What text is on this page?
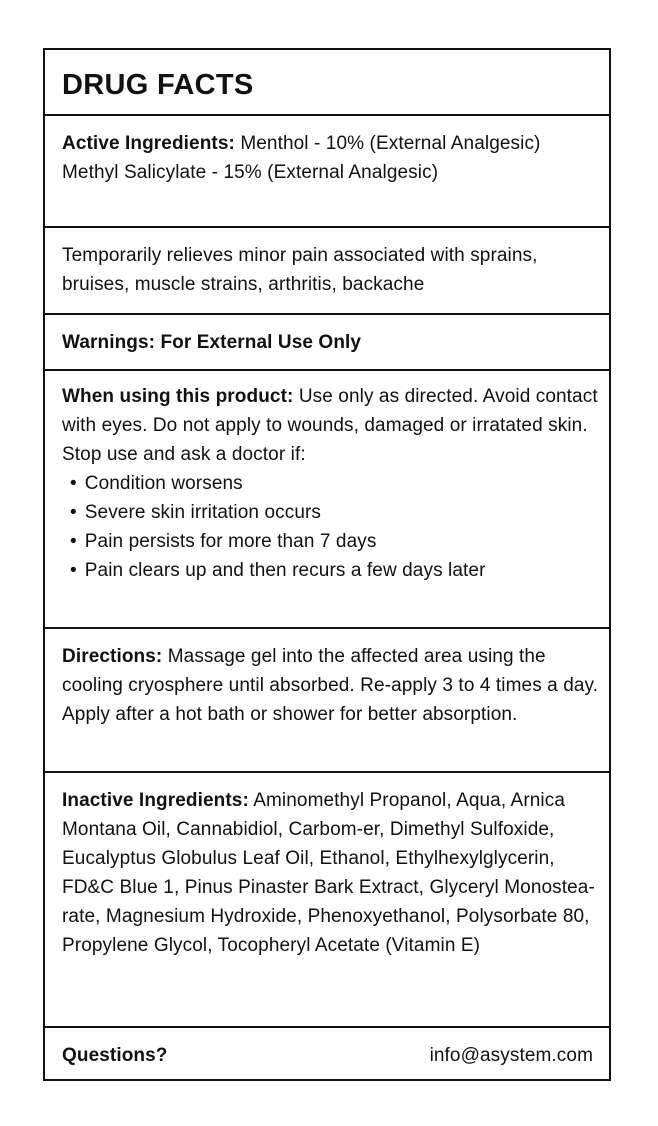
DRUG FACTS
Active Ingredients: Menthol - 10% (External Analgesic) Methyl Salicylate - 15% (External Analgesic)
Temporarily relieves minor pain associated with sprains, bruises, muscle strains, arthritis, backache
Warnings: For External Use Only
When using this product: Use only as directed. Avoid contact with eyes. Do not apply to wounds, damaged or irratated skin.
Stop use and ask a doctor if:
• Condition worsens
• Severe skin irritation occurs
• Pain persists for more than 7 days
• Pain clears up and then recurs a few days later
Directions: Massage gel into the affected area using the cooling cryosphere until absorbed. Re-apply 3 to 4 times a day. Apply after a hot bath or shower for better absorption.
Inactive Ingredients: Aminomethyl Propanol, Aqua, Arnica Montana Oil, Cannabidiol, Carbom-er, Dimethyl Sulfoxide, Eucalyptus Globulus Leaf Oil, Ethanol, Ethylhexylglycerin, FD&C Blue 1, Pinus Pinaster Bark Extract, Glyceryl Monostea-rate, Magnesium Hydroxide, Phenoxyethanol, Polysorbate 80, Propylene Glycol, Tocopheryl Acetate (Vitamin E)
Questions?	info@asystem.com
